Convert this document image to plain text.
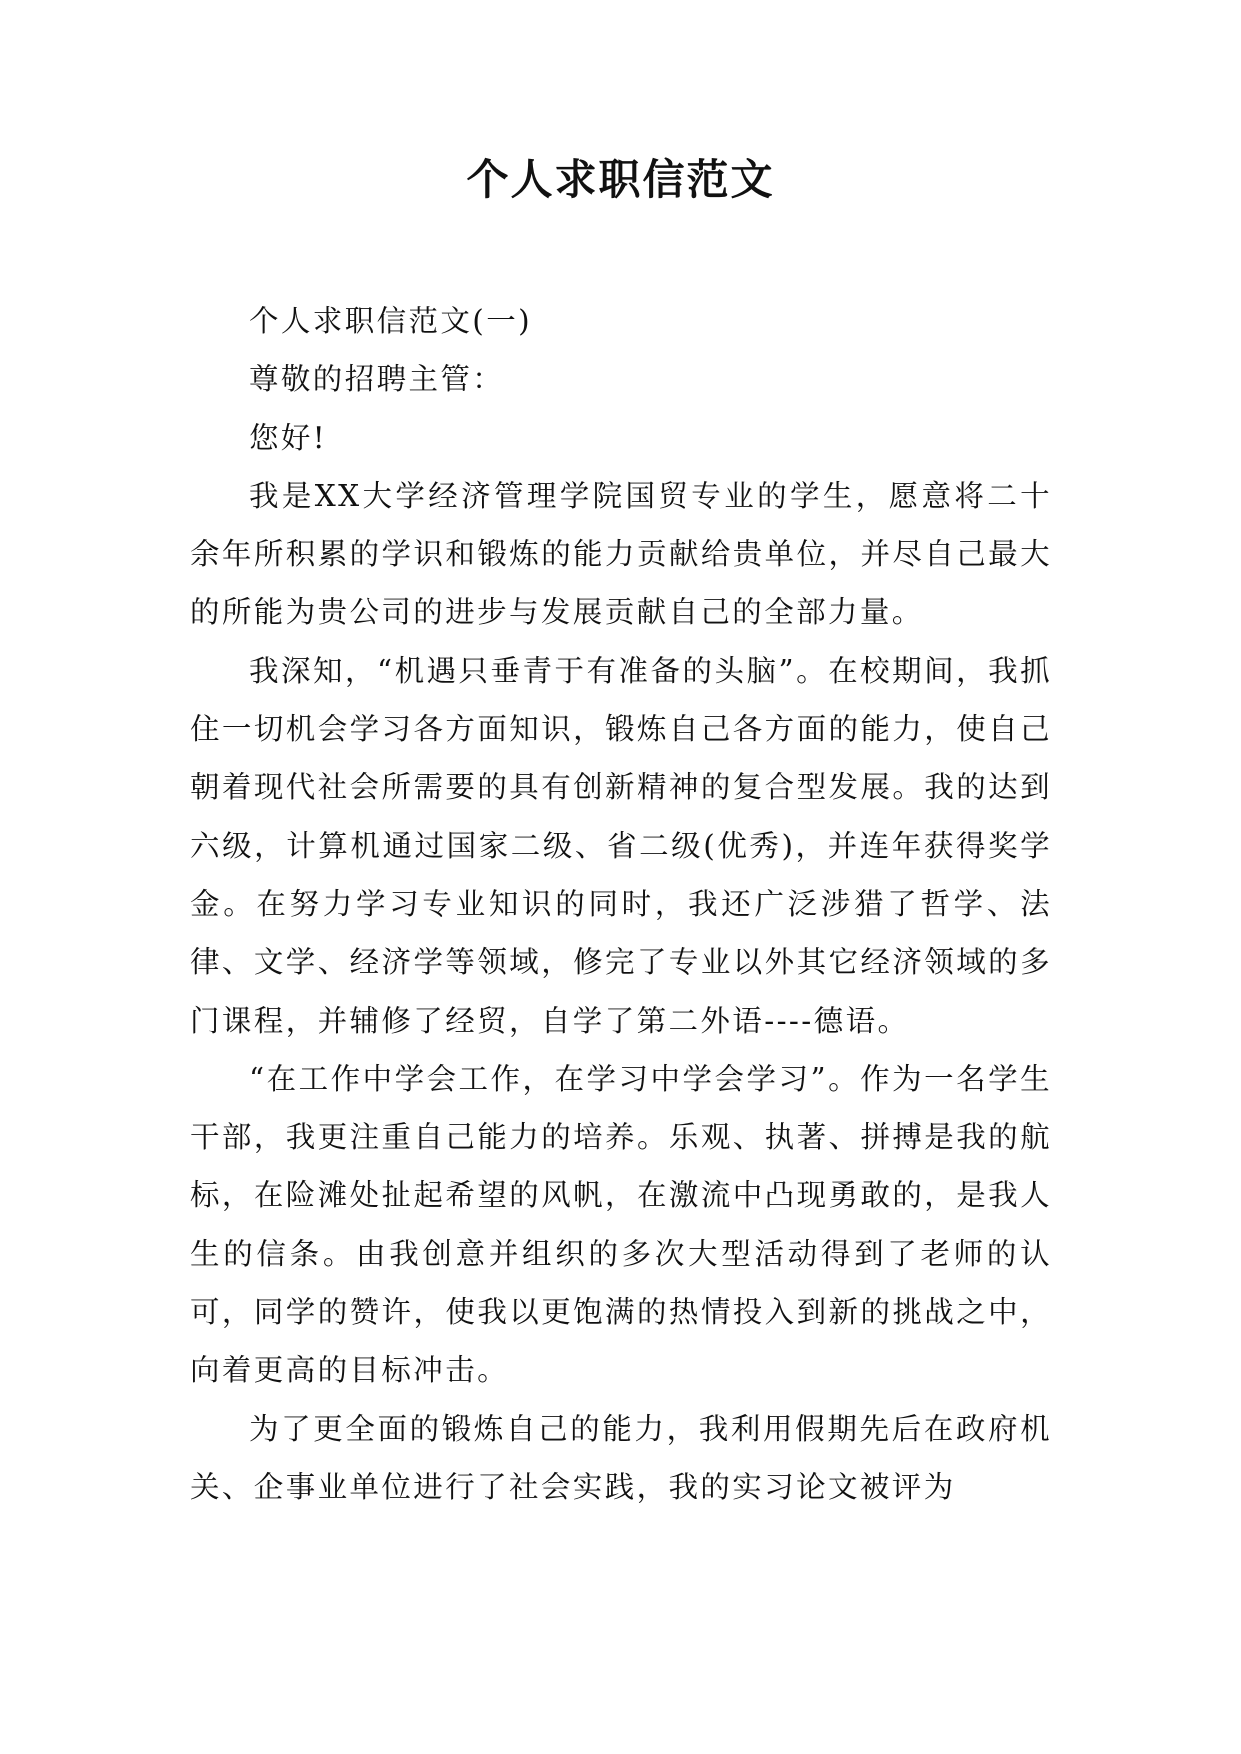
个人求职信范文

个人求职信范文(一)

尊敬的招聘主管：

您好!

我是XX大学经济管理学院国贸专业的学生，愿意将二十余年所积累的学识和锻炼的能力贡献给贵单位，并尽自己最大的所能为贵公司的进步与发展贡献自己的全部力量。

我深知，“机遇只垂青于有准备的头脑”。在校期间，我抓住一切机会学习各方面知识，锻炼自己各方面的能力，使自己朝着现代社会所需要的具有创新精神的复合型发展。我的达到六级，计算机通过国家二级、省二级(优秀)，并连年获得奖学金。在努力学习专业知识的同时，我还广泛涉猎了哲学、法律、文学、经济学等领域，修完了专业以外其它经济领域的多门课程，并辅修了经贸，自学了第二外语----德语。

“在工作中学会工作，在学习中学会学习”。作为一名学生干部，我更注重自己能力的培养。乐观、执著、拼搏是我的航标，在险滩处扯起希望的风帆，在激流中凸现勇敢的，是我人生的信条。由我创意并组织的多次大型活动得到了老师的认可，同学的赞许，使我以更饱满的热情投入到新的挑战之中，向着更高的目标冲击。

为了更全面的锻炼自己的能力，我利用假期先后在政府机关、企事业单位进行了社会实践，我的实习论文被评为
